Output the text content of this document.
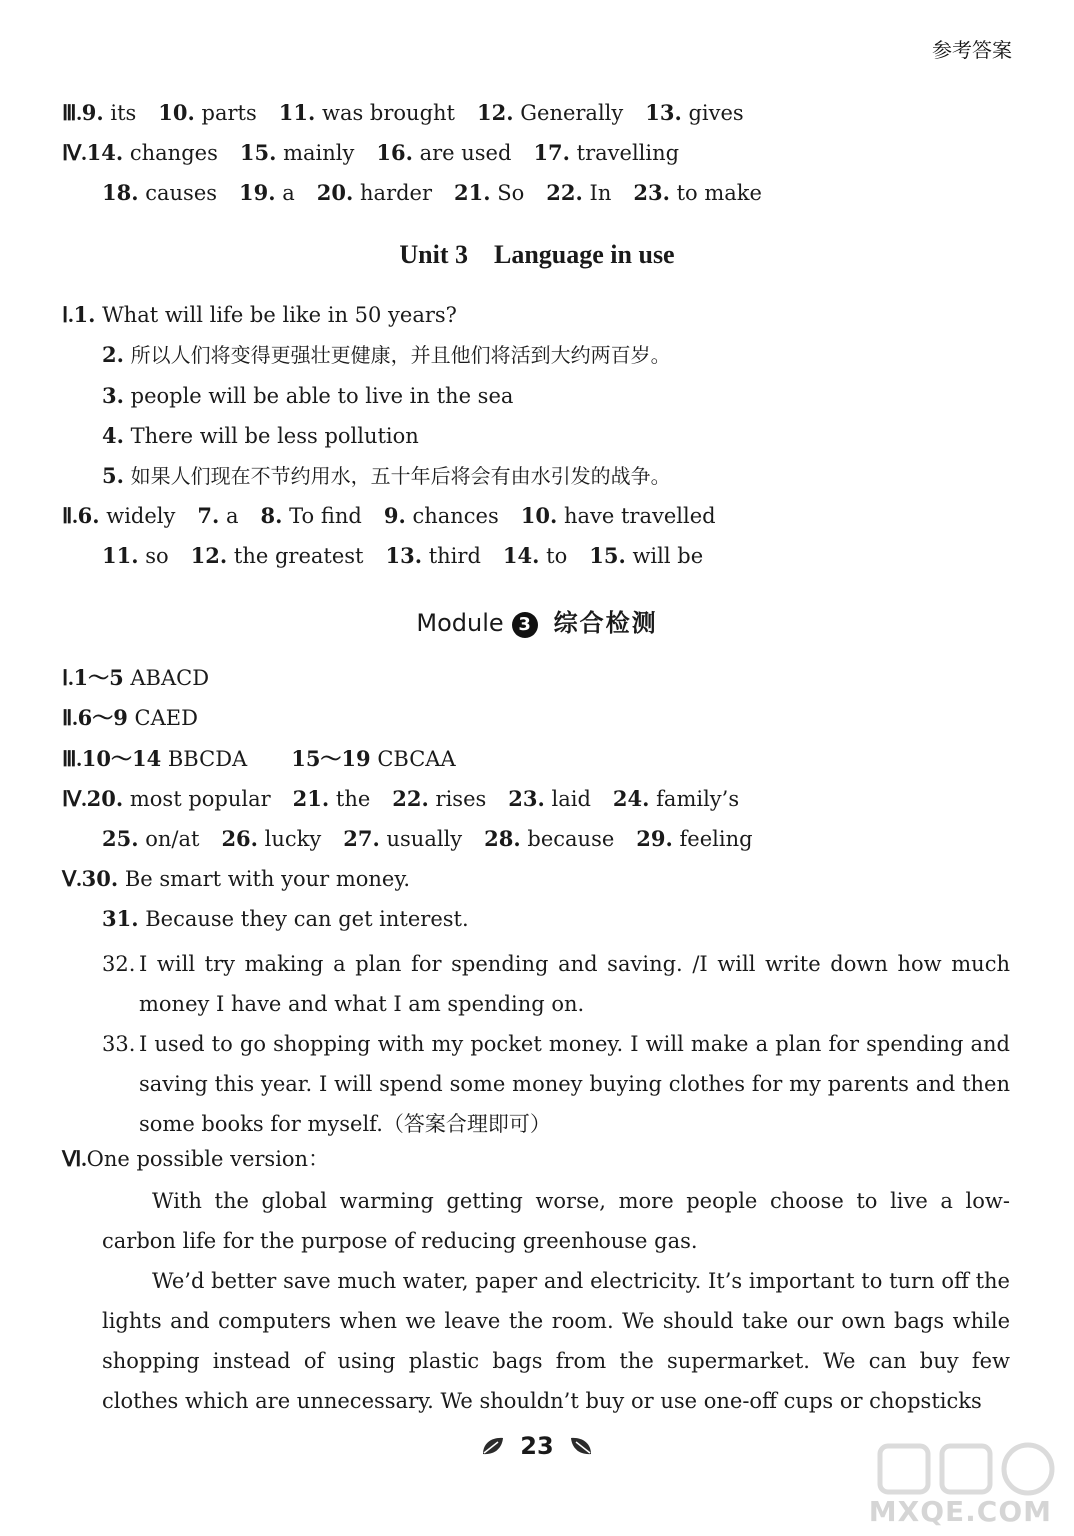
参考答案
Ⅲ.9. its 10. parts 11. was brought 12. Generally 13. gives
Ⅳ.14. changes 15. mainly 16. are used 17. travelling
18. causes 19. a 20. harder 21. So 22. In 23. to make
Unit 3    Language in use
Ⅰ.1. What will life be like in 50 years?
2. 所以人们将变得更强壮更健康，并且他们将活到大约两百岁。
3. people will be able to live in the sea
4. There will be less pollution
5. 如果人们现在不节约用水，五十年后将会有由水引发的战争。
Ⅱ.6. widely 7. a 8. To find 9. chances 10. have travelled
11. so 12. the greatest 13. third 14. to 15. will be
Module 3 综合检测
Ⅰ.1～5 ABACD
Ⅱ.6～9 CAED
Ⅲ.10～14 BBCDA 15～19 CBCAA
Ⅳ.20. most popular 21. the 22. rises 23. laid 24. family’s
25. on/at 26. lucky 27. usually 28. because 29. feeling
Ⅴ.30. Be smart with your money.
31. Because they can get interest.
32. I will try making a plan for spending and saving. /I will write down how much money I have and what I am spending on.
33. I used to go shopping with my pocket money. I will make a plan for spending and saving this year. I will spend some money buying clothes for my parents and then some books for myself.（答案合理即可）
Ⅵ.One possible version：
With the global warming getting worse, more people choose to live a low-carbon life for the purpose of reducing greenhouse gas.
We’d better save much water, paper and electricity. It’s important to turn off the lights and computers when we leave the room. We should take our own bags while shopping instead of using plastic bags from the supermarket. We can buy few clothes which are unnecessary. We shouldn’t buy or use one-off cups or chopsticks
23
MXQE.COM
